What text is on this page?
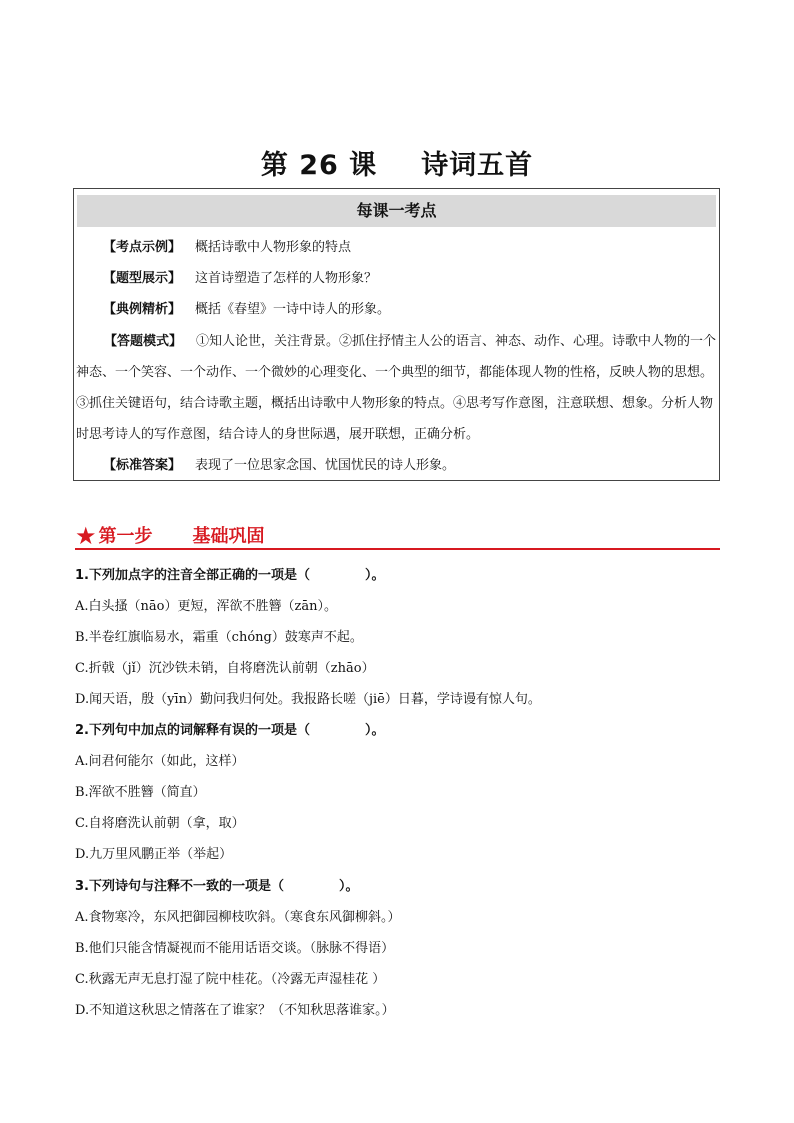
第 26 课 诗词五首
每课一考点
【考点示例】 概括诗歌中人物形象的特点
【题型展示】 这首诗塑造了怎样的人物形象？
【典例精析】 概括《春望》一诗中诗人的形象。
【答题模式】 ①知人论世，关注背景。②抓住抒情主人公的语言、神态、动作、心理。诗歌中人物的一个神态、一个笑容、一个动作、一个微妙的心理变化、一个典型的细节，都能体现人物的性格，反映人物的思想。③抓住关键语句，结合诗歌主题，概括出诗歌中人物形象的特点。④思考写作意图，注意联想、想象。分析人物时思考诗人的写作意图，结合诗人的身世际遇，展开联想，正确分析。
【标准答案】 表现了一位思家念国、忧国忧民的诗人形象。
★ 第一步 基础巩固
1.下列加点字的注音全部正确的一项是（	）。
A.白头搔（nāo）更短，浑欲不胜簪（zān）。
B.半卷红旗临易水，霜重（chóng）鼓寒声不起。
C.折戟（jǐ）沉沙铁未销，自将磨洗认前朝（zhāo）
D.闻天语，殷（yīn）勤问我归何处。我报路长嗟（jiē）日暮，学诗谩有惊人句。
2.下列句中加点的词解释有误的一项是（	）。
A.问君何能尔（如此，这样）
B.浑欲不胜簪（简直）
C.自将磨洗认前朝（拿，取）
D.九万里风鹏正举（举起）
3.下列诗句与注释不一致的一项是（	）。
A.食物寒冷，东风把御园柳枝吹斜。（寒食东风御柳斜。）
B.他们只能含情凝视而不能用话语交谈。（脉脉不得语）
C.秋露无声无息打湿了院中桂花。（冷露无声湿桂花 ）
D.不知道这秋思之情落在了谁家？（不知秋思落谁家。）
